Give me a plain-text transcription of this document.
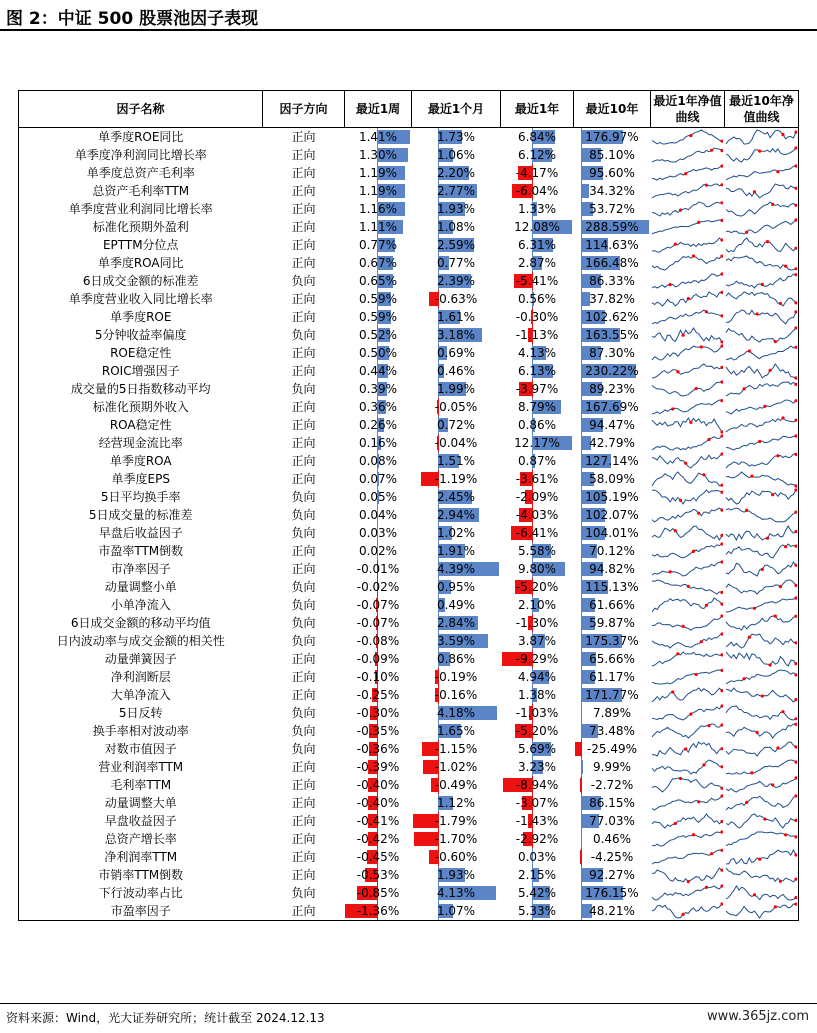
图 2：中证 500 股票池因子表现
因子名称	因子方向	最近1周	最近1个月	最近1年	最近10年	最近1年净值曲线	最近10年净值曲线
单季度ROE同比	正向	1.41%	1.73%	6.84%	176.97%

单季度净利润同比增长率	正向	1.30%	1.06%	6.12%	85.10%

单季度总资产毛利率	正向	1.19%	2.20%	-4.17%	95.60%

总资产毛利率TTM	正向	1.19%	2.77%	-6.04%	34.32%

单季度营业利润同比增长率	正向	1.16%	1.93%	1.33%	53.72%

标准化预期外盈利	正向	1.11%	1.08%	12.08%	288.59%

EPTTM分位点	正向	0.77%	2.59%	6.31%	114.63%

单季度ROA同比	正向	0.67%	0.77%	2.87%	166.48%

6日成交金额的标准差	负向	0.65%	2.39%	-5.41%	86.33%

单季度营业收入同比增长率	正向	0.59%	-0.63%	0.56%	37.82%

单季度ROE	正向	0.59%	1.61%	-0.30%	102.62%

5分钟收益率偏度	负向	0.52%	3.18%	-1.13%	163.55%

ROE稳定性	正向	0.50%	0.69%	4.13%	87.30%

ROIC增强因子	正向	0.44%	0.46%	6.13%	230.22%

成交量的5日指数移动平均	负向	0.39%	1.99%	-3.97%	89.23%

标准化预期外收入	正向	0.36%	-0.05%	8.79%	167.69%

ROA稳定性	正向	0.26%	0.72%	0.86%	94.47%

经营现金流比率	正向	0.16%	-0.04%	12.17%	42.79%

单季度ROA	正向	0.08%	1.51%	0.87%	127.14%

单季度EPS	正向	0.07%	-1.19%	-3.61%	58.09%

5日平均换手率	负向	0.05%	2.45%	-2.09%	105.19%

5日成交量的标准差	负向	0.04%	2.94%	-4.03%	102.07%

早盘后收益因子	负向	0.03%	1.02%	-6.41%	104.01%

市盈率TTM倒数	正向	0.02%	1.91%	5.58%	70.12%

市净率因子	正向	-0.01%	4.39%	9.80%	94.82%

动量调整小单	负向	-0.02%	0.95%	-5.20%	115.13%

小单净流入	负向	-0.07%	0.49%	2.10%	61.66%

6日成交金额的移动平均值	负向	-0.07%	2.84%	-1.30%	59.87%

日内波动率与成交金额的相关性	负向	-0.08%	3.59%	3.87%	175.37%

动量弹簧因子	正向	-0.09%	0.86%	-9.29%	65.66%

净利润断层	正向	-0.10%	-0.19%	4.94%	61.17%

大单净流入	正向	-0.25%	-0.16%	1.38%	171.77%

5日反转	负向	-0.30%	4.18%	-1.03%	7.89%

换手率相对波动率	负向	-0.35%	1.65%	-5.20%	73.48%

对数市值因子	负向	-0.36%	-1.15%	5.69%	-25.49%

营业利润率TTM	正向	-0.39%	-1.02%	3.23%	9.99%

毛利率TTM	正向	-0.40%	-0.49%	-8.94%	-2.72%

动量调整大单	正向	-0.40%	1.12%	-3.07%	86.15%

早盘收益因子	正向	-0.41%	-1.79%	-1.43%	77.03%

总资产增长率	正向	-0.42%	-1.70%	-2.92%	0.46%

净利润率TTM	正向	-0.45%	-0.60%	0.03%	-4.25%

市销率TTM倒数	正向	-0.53%	1.93%	2.15%	92.27%

下行波动率占比	负向	-0.85%	4.13%	5.42%	176.15%

市盈率因子	正向	-1.36%	1.07%	5.33%	48.21%

资料来源：Wind，光大证券研究所；统计截至 2024.12.13	www.365jz.com
